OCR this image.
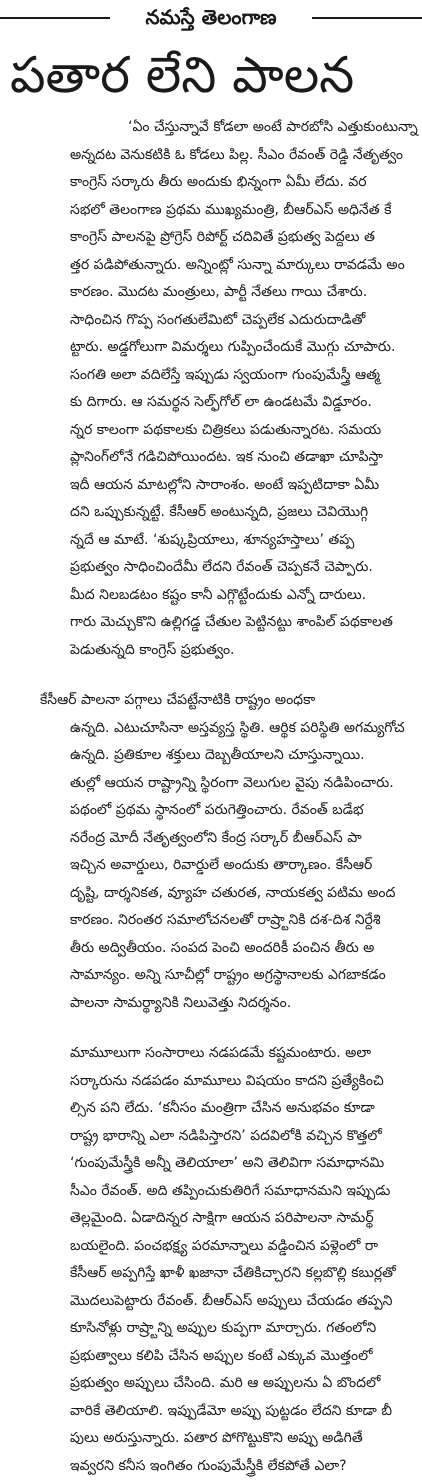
నమస్తే తెలంగాణ
పతార లేని పాలన
‘ఏం చేస్తున్నావే కోడలా అంటే పారబోసి ఎత్తుకుంటున్నా
అన్నదట వెనుకటికి ఓ కోడలు పిల్ల. సీఎం రేవంత్ రెడ్డి నేతృత్వం
కాంగ్రెస్ సర్కారు తీరు అందుకు భిన్నంగా ఏమీ లేదు. వర
సభలో తెలంగాణ ప్రథమ ముఖ్యమంత్రి, బీఆర్ఎస్ అధినేత కే
కాంగ్రెస్ పాలనపై ప్రోగ్రెస్ రిపోర్ట్ చదివితే ప్రభుత్వ పెద్దలు త
త్తర పడిపోతున్నారు. అన్నింట్లో సున్నా మార్కులు రావడమే అం
కారణం. మొదట మంత్రులు, పార్టీ నేతలు గాయి చేశారు.
సాధించిన గొప్ప సంగతులేమిటో చెప్పలేక ఎదురుదాడితో
ట్టారు. అడ్డగోలుగా విమర్శలు గుప్పించేందుకే మొగ్గు చూపారు.
సంగతి అలా వదిలేస్తే ఇప్పుడు స్వయంగా గుంపుమేస్త్రీ ఆత్మ
కు దిగారు. ఆ సమర్థన సెల్ఫ్‌గోల్ లా ఉండటమే విడ్డూరం.
న్నర కాలంగా పథకాలకు చిత్రికలు పడుతున్నారట. సమయ
ప్లానింగ్‌లోనే గడిచిపోయిందట. ఇక నుంచి తడాఖా చూపిస్తా
ఇదీ ఆయన మాటల్లోని సారాంశం. అంటే ఇప్పటిదాకా ఏమీ
దని ఒప్పుకున్నట్టే. కేసీఆర్ అంటున్నది, ప్రజలు చెవియొగ్గి
న్నదే ఆ మాటే. ‘శుష్కప్రియాలు, శూన్యహస్తాలు’ తప్ప
ప్రభుత్వం సాధించిందేమీ లేదని రేవంత్ చెప్పకనే చెప్పారు.
మీద నిలబడటం కష్టం కానీ ఎగ్గొట్టేందుకు ఎన్నో దారులు.
గారు మెచ్చుకొని ఉల్లిగడ్డ చేతుల పెట్టినట్టు శాంపిల్ పథకాలత
పెడుతున్నది కాంగ్రెస్ ప్రభుత్వం.
కేసీఆర్ పాలనా పగ్గాలు చేపట్టేనాటికి రాష్ట్రం అంధకా
ఉన్నది. ఎటుచూసినా అస్తవ్యస్త స్థితి. ఆర్థిక పరిస్థితి అగమ్యగోచ
ఉన్నది. ప్రతికూల శక్తులు దెబ్బతీయాలని చూస్తున్నాయి.
తుల్లో ఆయన రాష్ట్రాన్ని స్థిరంగా వెలుగుల వైపు నడిపించారు.
పథంలో ప్రథమ స్థానంలో పరుగెత్తించారు. రేవంత్ బడేభ
నరేంద్ర మోదీ నేతృత్వంలోని కేంద్ర సర్కార్ బీఆర్ఎస్ పా
ఇచ్చిన అవార్డులు, రివార్డులే అందుకు తార్కాణం. కేసీఆర్
దృష్టి, దార్శనికత, వ్యూహ చతురత, నాయకత్వ పటిమ అంద
కారణం. నిరంతర సమాలోచనలతో రాష్ర్టానికి దశ-దిశ నిర్దేశి
తీరు అద్వితీయం. సంపద పెంచి అందరికీ పంచిన తీరు అ
సామాన్యం. అన్ని సూచీల్లో రాష్ట్రం అగ్రస్థానాలకు ఎగబాకడం
పాలనా సామర్థ్యానికి నిలువెత్తు నిదర్శనం.
మామూలుగా సంసారాలు నడపడమే కష్టమంటారు. అలా
సర్కారును నడపడం మామూలు విషయం కాదని ప్రత్యేకించి
ల్సిన పని లేదు. ‘కనీసం మంత్రిగా చేసిన అనుభవం కూడా
రాష్ట్ర భారాన్ని ఎలా నడిపిస్తారని’ పదవిలోకి వచ్చిన కొత్తలో
‘గుంపుమేస్త్రీకి అన్నీ తెలియాలా’ అని తెలివిగా సమాధానమి
సీఎం రేవంత్. అది తప్పించుకుతిరిగే సమాధానమని ఇప్పుడు
తెల్లమైంది. ఏడాదిన్నర సాక్షిగా ఆయన పరిపాలనా సామర్థ్
బయలైంది. పంచభక్ష్య పరమాన్నాలు వడ్డించిన పళ్లెంలో రా
కేసీఆర్ అప్పగిస్తే ఖాళీ ఖజానా చేతికిచ్చారని కల్లబొల్లి కబుర్లతో
మొదలుపెట్టారు రేవంత్. బీఆర్ఎస్ అప్పులు చేయడం తప్పని
కూసినోళ్లు రాష్ర్టాన్ని అప్పుల కుప్పగా మార్చారు. గతంలోని
ప్రభుత్వాలు కలిపి చేసిన అప్పుల కంటే ఎక్కువ మొత్తంలో
ప్రభుత్వం అప్పులు చేసింది. మరి ఆ అప్పులను ఏ బొందలో
వారికే తెలియాలి. ఇప్పుడేమో అప్పు పుట్టడం లేదని కూడా బీ
పులు అరుస్తున్నారు. పతార పోగొట్టుకొని అప్పు అడిగితే
ఇవ్వరని కనీస ఇంగితం గుంపుమేస్త్రీకి లేకపోతే ఎలా?
